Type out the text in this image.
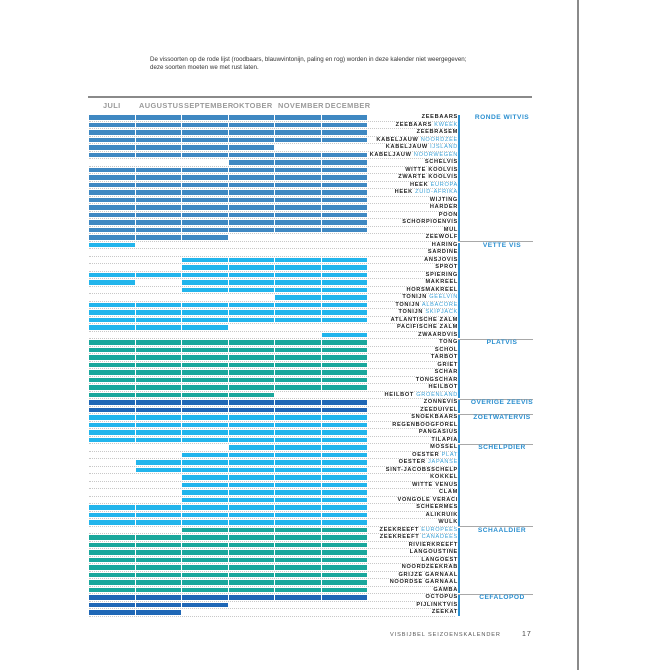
De vissoorten op de rode lijst (roodbaars, blauwvintonijn, paling en rog) worden in deze kalender niet weergegeven; deze soorten moeten we met rust laten.
JULI AUGUSTUS SEPTEMBER OKTOBER NOVEMBER DECEMBER
ZEEBAARS
ZEEBAARS KWEEK
ZEEBRASEM
KABELJAUW NOORDZEE
KABELJAUW IJSLAND
KABELJAUW NOORWEGEN
SCHELVIS
WITTE KOOLVIS
ZWARTE KOOLVIS
HEEK EUROPA
HEEK ZUID-AFRIKA
WIJTING
HARDER
POON
SCHORPIOENVIS
MUL
ZEEWOLF
RONDE WITVIS
HARING
SARDINE
ANSJOVIS
SPROT
SPIERING
MAKREEL
HORSMAKREEL
TONIJN GEELVIN
TONIJN ALBACORE
TONIJN SKIPJACK
ATLANTISCHE ZALM
PACIFISCHE ZALM
ZWAARDVIS
VETTE VIS
TONG
SCHOL
TARBOT
GRIET
SCHAR
TONGSCHAR
HEILBOT
HEILBOT GROENLAND
PLATVIS
ZONNEVIS
ZEEDUIVEL
OVERIGE ZEEVIS
SNOEKBAARS
REGENBOOGFOREL
PANGASIUS
TILAPIA
ZOETWATERVIS
MOSSEL
OESTER PLAT
OESTER JAPANSE
SINT-JACOBSSCHELP
KOKKEL
WITTE VENUS
CLAM
VONGOLE VERACI
SCHEERMES
ALIKRUIK
WULK
SCHELPDIER
ZEEKREEFT EUROPEES
ZEEKREEFT CANADEES
RIVIERKREEFT
LANGOUSTINE
LANGOEST
NOORDZEEKRAB
GRIJZE GARNAAL
NOORDSE GARNAAL
GAMBA
SCHAALDIER
OCTOPUS
PIJLINKTVIS
ZEEKAT
CEFALOPOD
VISBIJBEL SEIZOENSKALENDER	17
